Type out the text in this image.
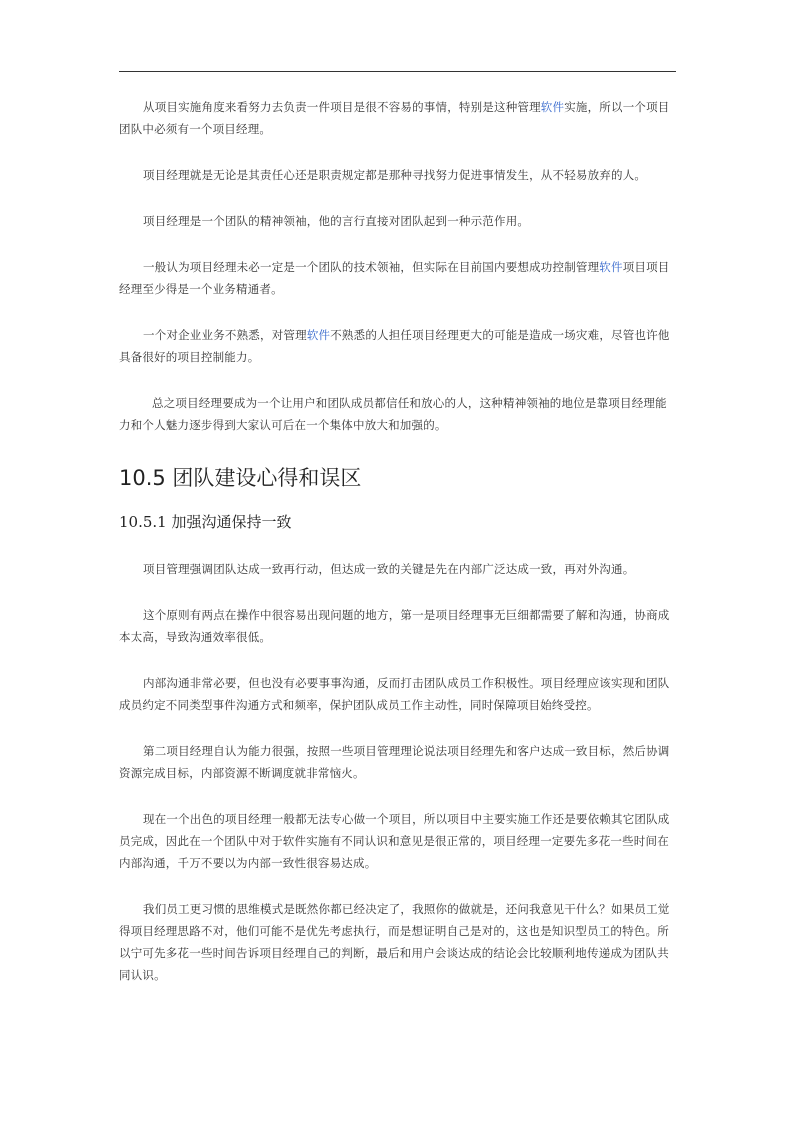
从项目实施角度来看努力去负责一件项目是很不容易的事情，特别是这种管理软件实施，所以一个项目团队中必须有一个项目经理。

项目经理就是无论是其责任心还是职责规定都是那种寻找努力促进事情发生，从不轻易放弃的人。

项目经理是一个团队的精神领袖，他的言行直接对团队起到一种示范作用。

一般认为项目经理未必一定是一个团队的技术领袖，但实际在目前国内要想成功控制管理软件项目项目经理至少得是一个业务精通者。

一个对企业业务不熟悉，对管理软件不熟悉的人担任项目经理更大的可能是造成一场灾难，尽管也许他具备很好的项目控制能力。

总之项目经理要成为一个让用户和团队成员都信任和放心的人，这种精神领袖的地位是靠项目经理能力和个人魅力逐步得到大家认可后在一个集体中放大和加强的。

10.5 团队建设心得和误区
10.5.1 加强沟通保持一致

项目管理强调团队达成一致再行动，但达成一致的关键是先在内部广泛达成一致，再对外沟通。

这个原则有两点在操作中很容易出现问题的地方，第一是项目经理事无巨细都需要了解和沟通，协商成本太高，导致沟通效率很低。

内部沟通非常必要，但也没有必要事事沟通，反而打击团队成员工作积极性。项目经理应该实现和团队成员约定不同类型事件沟通方式和频率，保护团队成员工作主动性，同时保障项目始终受控。

第二项目经理自认为能力很强，按照一些项目管理理论说法项目经理先和客户达成一致目标，然后协调资源完成目标，内部资源不断调度就非常恼火。

现在一个出色的项目经理一般都无法专心做一个项目，所以项目中主要实施工作还是要依赖其它团队成员完成，因此在一个团队中对于软件实施有不同认识和意见是很正常的，项目经理一定要先多花一些时间在内部沟通，千万不要以为内部一致性很容易达成。

我们员工更习惯的思维模式是既然你都已经决定了，我照你的做就是，还问我意见干什么？如果员工觉得项目经理思路不对，他们可能不是优先考虑执行，而是想证明自己是对的，这也是知识型员工的特色。所以宁可先多花一些时间告诉项目经理自己的判断，最后和用户会谈达成的结论会比较顺利地传递成为团队共同认识。
